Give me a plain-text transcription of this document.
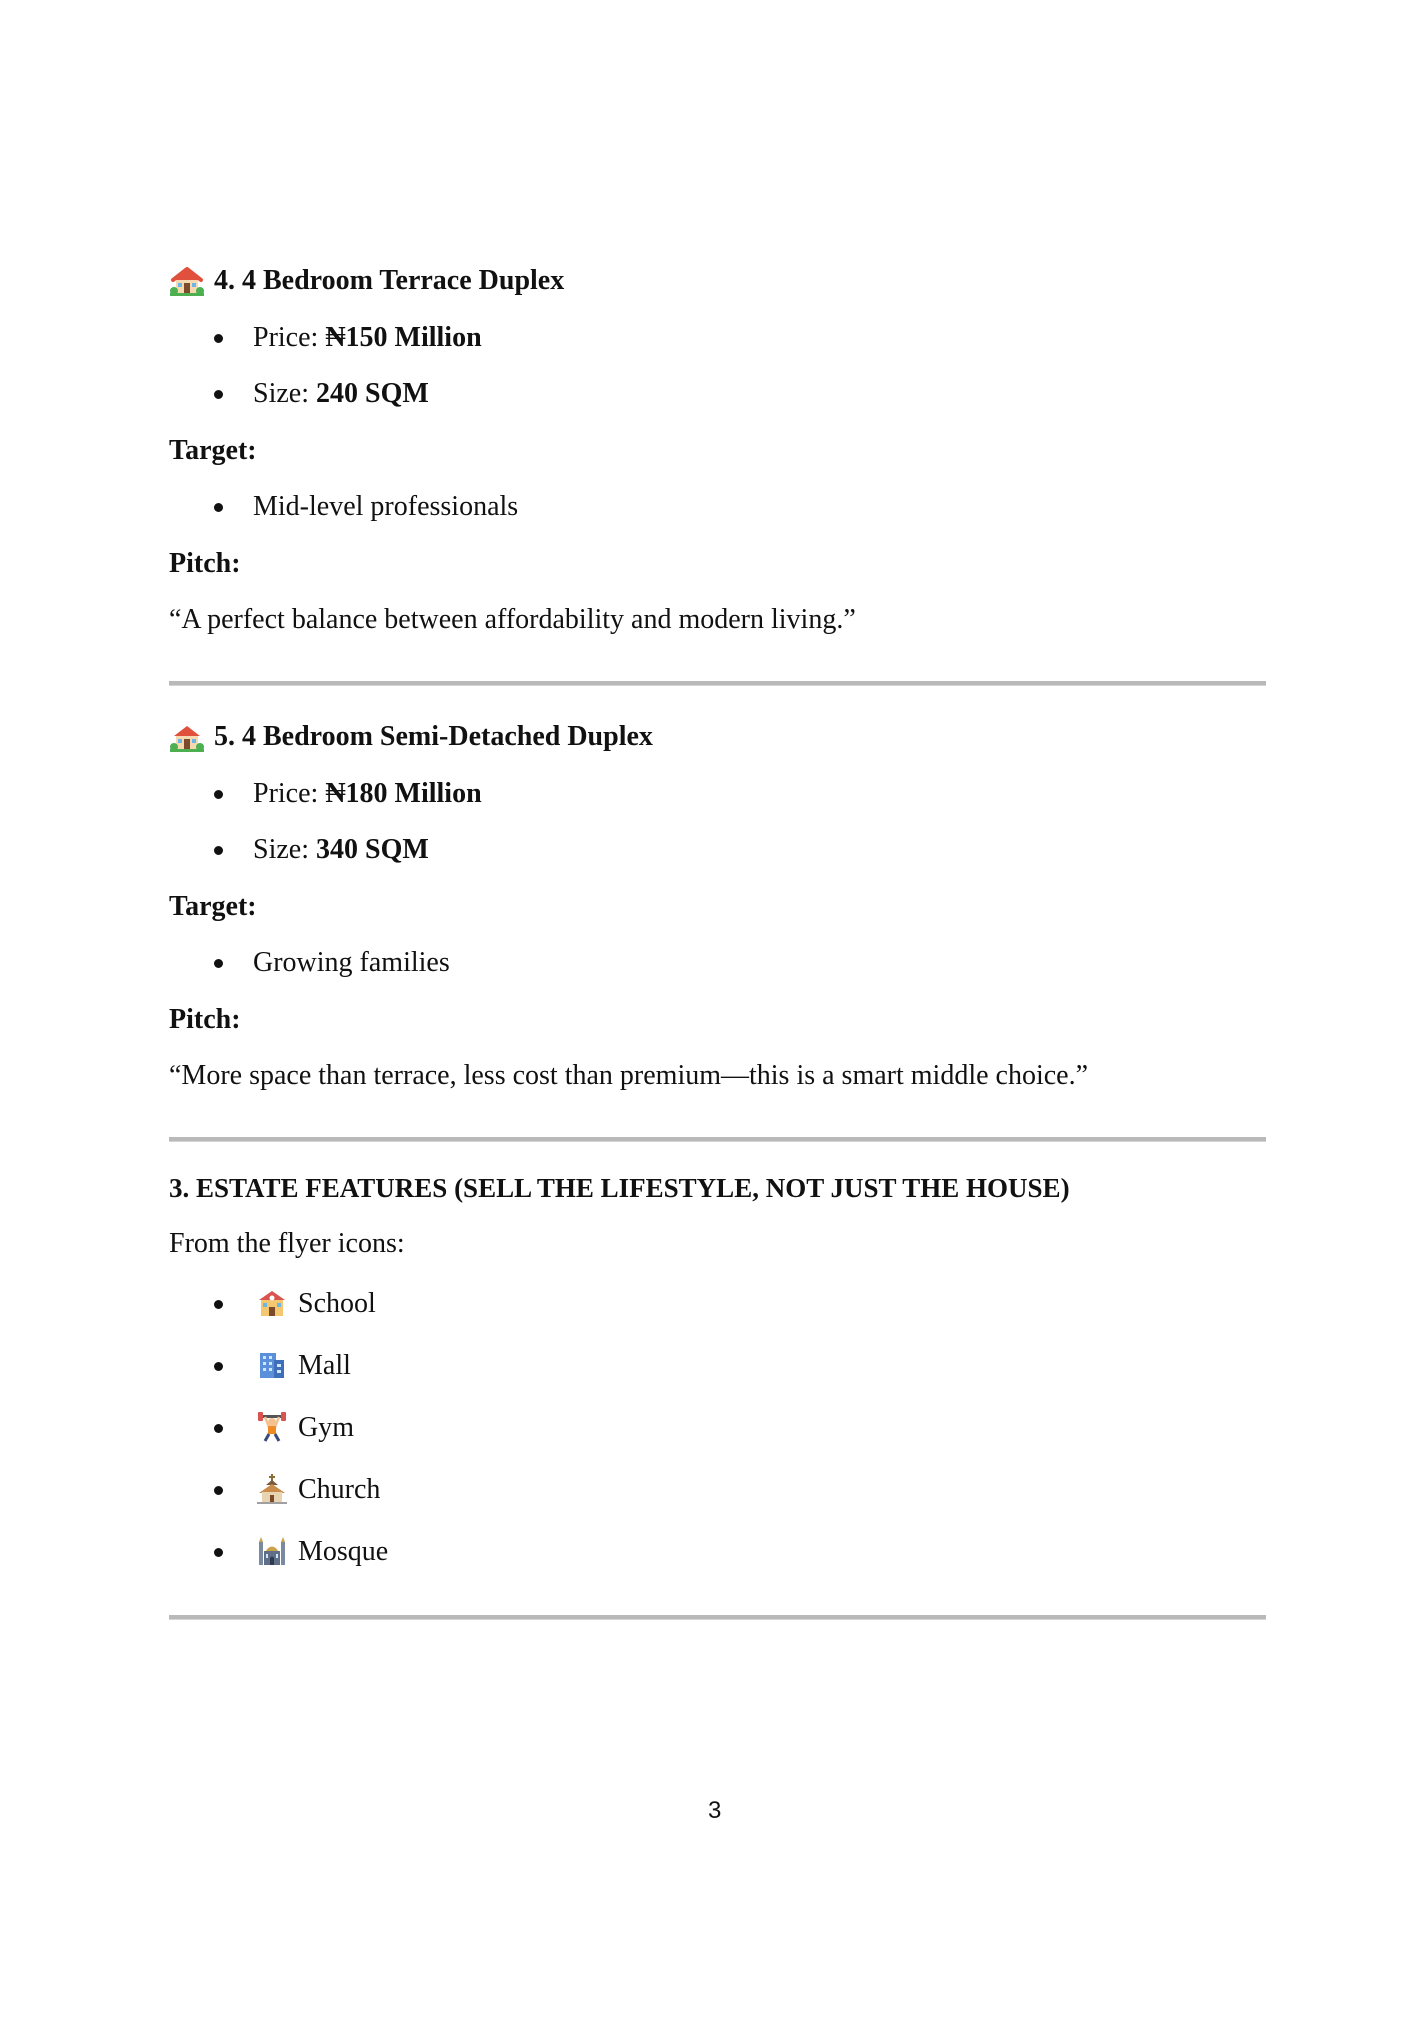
4. 4 Bedroom Terrace Duplex
Price: ₦150 Million
Size: 240 SQM
Target:
Mid-level professionals
Pitch:
“A perfect balance between affordability and modern living.”
5. 4 Bedroom Semi-Detached Duplex
Price: ₦180 Million
Size: 340 SQM
Target:
Growing families
Pitch:
“More space than terrace, less cost than premium—this is a smart middle choice.”
3. ESTATE FEATURES (SELL THE LIFESTYLE, NOT JUST THE HOUSE)
From the flyer icons:
School
Mall
Gym
Church
Mosque
3
